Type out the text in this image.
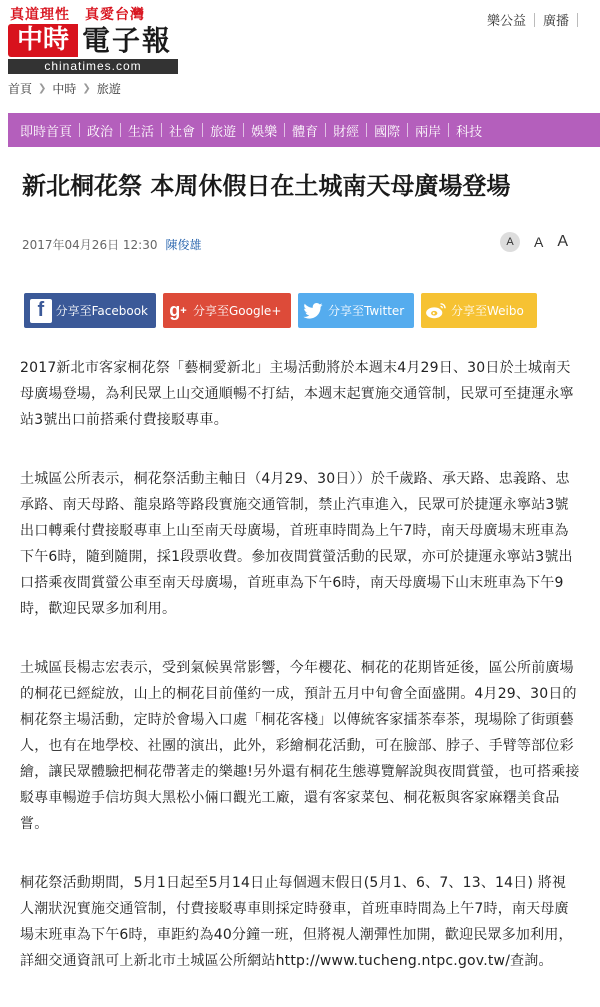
真道理性　真愛台灣
中時 電子報
chinatimes.com
樂公益 廣播
首頁 ❯ 中時 ❯ 旅遊
即時首頁	政治	生活	社會	旅遊	娛樂	體育	財經	國際	兩岸	科技
新北桐花祭 本周休假日在土城南天母廣場登場
2017年04月26日 12:30 陳俊雄	A	A A
f 分享至Facebook	g + 分享至Google+	分享至Twitter	分享至Weibo

2017新北市客家桐花祭「藝桐愛新北」主場活動將於本週末4月29日、30日於土城南天母廣場登場，為利民眾上山交通順暢不打結，本週末起實施交通管制，民眾可至捷運永寧站3號出口前搭乘付費接駁專車。

土城區公所表示，桐花祭活動主軸日（4月29、30日））於千歲路、承天路、忠義路、忠承路、南天母路、龍泉路等路段實施交通管制，禁止汽車進入，民眾可於捷運永寧站3號出口轉乘付費接駁專車上山至南天母廣場，首班車時間為上午7時，南天母廣場末班車為下午6時，隨到隨開，採1段票收費。參加夜間賞螢活動的民眾，亦可於捷運永寧站3號出口搭乘夜間賞螢公車至南天母廣場，首班車為下午6時，南天母廣場下山末班車為下午9時，歡迎民眾多加利用。

土城區長楊志宏表示，受到氣候異常影響，今年櫻花、桐花的花期皆延後，區公所前廣場的桐花已經綻放，山上的桐花目前僅約一成，預計五月中旬會全面盛開。4月29、30日的桐花祭主場活動，定時於會場入口處「桐花客棧」以傳統客家擂茶奉茶，現場除了街頭藝人，也有在地學校、社團的演出，此外，彩繪桐花活動，可在臉部、脖子、手臂等部位彩繪，讓民眾體驗把桐花帶著走的樂趣!另外還有桐花生態導覽解說與夜間賞螢，也可搭乘接駁專車暢遊手信坊與大黑松小倆口觀光工廠，還有客家菜包、桐花粄與客家麻糬美食品嘗。

桐花祭活動期間，5月1日起至5月14日止每個週末假日(5月1、6、7、13、14日) 將視人潮狀況實施交通管制，付費接駁專車則採定時發車，首班車時間為上午7時，南天母廣場末班車為下午6時，車距約為40分鐘一班，但將視人潮彈性加開，歡迎民眾多加利用，詳細交通資訊可上新北市土城區公所網站http://www.tucheng.ntpc.gov.tw/查詢。
